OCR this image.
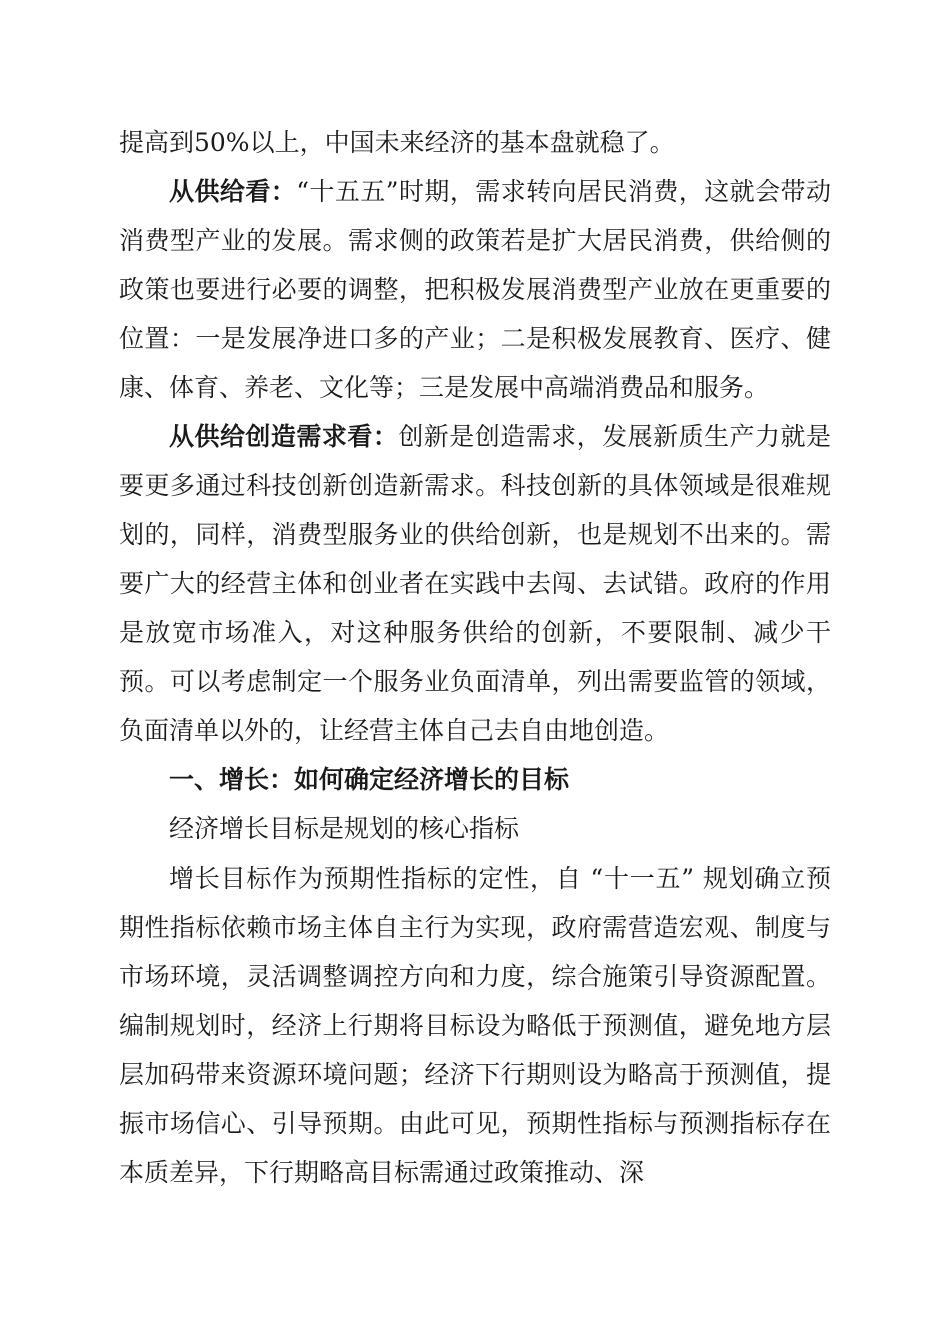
提高到50%以上，中国未来经济的基本盘就稳了。

从供给看：“十五五”时期，需求转向居民消费，这就会带动消费型产业的发展。需求侧的政策若是扩大居民消费，供给侧的政策也要进行必要的调整，把积极发展消费型产业放在更重要的位置：一是发展净进口多的产业；二是积极发展教育、医疗、健康、体育、养老、文化等；三是发展中高端消费品和服务。

从供给创造需求看：创新是创造需求，发展新质生产力就是要更多通过科技创新创造新需求。科技创新的具体领域是很难规划的，同样，消费型服务业的供给创新，也是规划不出来的。需要广大的经营主体和创业者在实践中去闯、去试错。政府的作用是放宽市场准入，对这种服务供给的创新，不要限制、减少干预。可以考虑制定一个服务业负面清单，列出需要监管的领域，负面清单以外的，让经营主体自己去自由地创造。

一、增长：如何确定经济增长的目标

经济增长目标是规划的核心指标

增长目标作为预期性指标的定性，自 “十一五” 规划确立预期性指标依赖市场主体自主行为实现，政府需营造宏观、制度与市场环境，灵活调整调控方向和力度，综合施策引导资源配置。编制规划时，经济上行期将目标设为略低于预测值，避免地方层层加码带来资源环境问题；经济下行期则设为略高于预测值，提振市场信心、引导预期。由此可见，预期性指标与预测指标存在本质差异，下行期略高目标需通过政策推动、深
